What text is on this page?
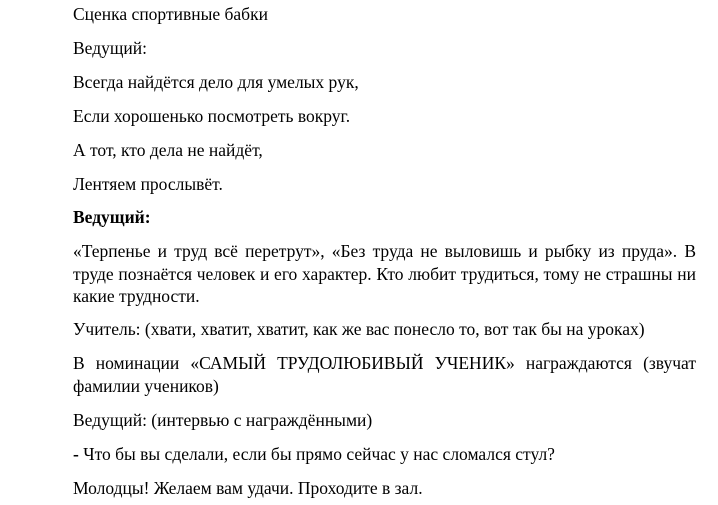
Сценка спортивные бабки

Ведущий:

Всегда найдётся дело для умелых рук,

Если хорошенько посмотреть вокруг.

А тот, кто дела не найдёт,

Лентяем прослывёт.

Ведущий:

«Терпенье и труд всё перетрут», «Без труда не выловишь и рыбку из пруда». В труде познаётся человек и его характер. Кто любит трудиться, тому не страшны ни какие трудности.

Учитель: (хвати, хватит, хватит, как же вас понесло то, вот так бы на уроках)

В номинации «САМЫЙ ТРУДОЛЮБИВЫЙ УЧЕНИК» награждаются (звучат фамилии учеников)

Ведущий: (интервью с награждёнными)

- Что бы вы сделали, если бы прямо сейчас у нас сломался стул?

Молодцы! Желаем вам удачи. Проходите в зал.
